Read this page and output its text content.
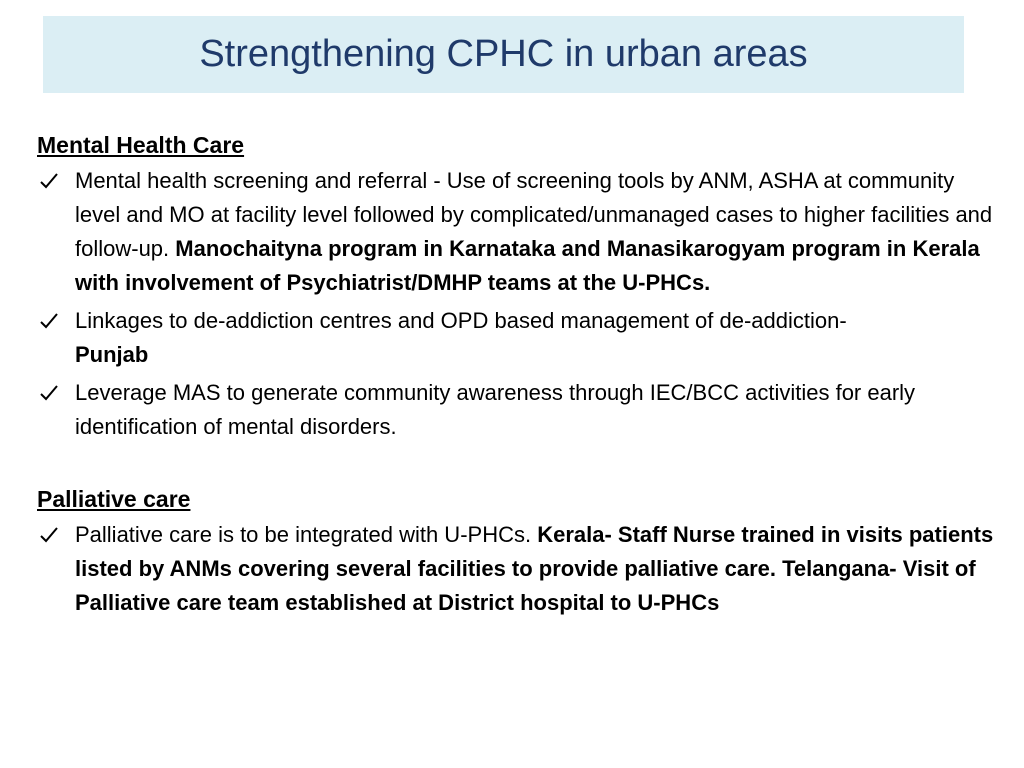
Strengthening CPHC in urban areas

Mental Health Care

Mental health screening and referral - Use of screening tools by ANM, ASHA at community level and MO at facility level followed by complicated/unmanaged cases to higher facilities and follow-up. Manochaityna program in Karnataka and Manasikarogyam program in Kerala with involvement of Psychiatrist/DMHP teams at the U-PHCs.
Linkages to de-addiction centres and OPD based management of de-addiction-
Punjab
Leverage MAS to generate community awareness through IEC/BCC activities for early identification of mental disorders.

Palliative care

Palliative care is to be integrated with U-PHCs. Kerala- Staff Nurse trained in visits patients listed by ANMs covering several facilities to provide palliative care. Telangana- Visit of Palliative care team established at District hospital to U-PHCs
